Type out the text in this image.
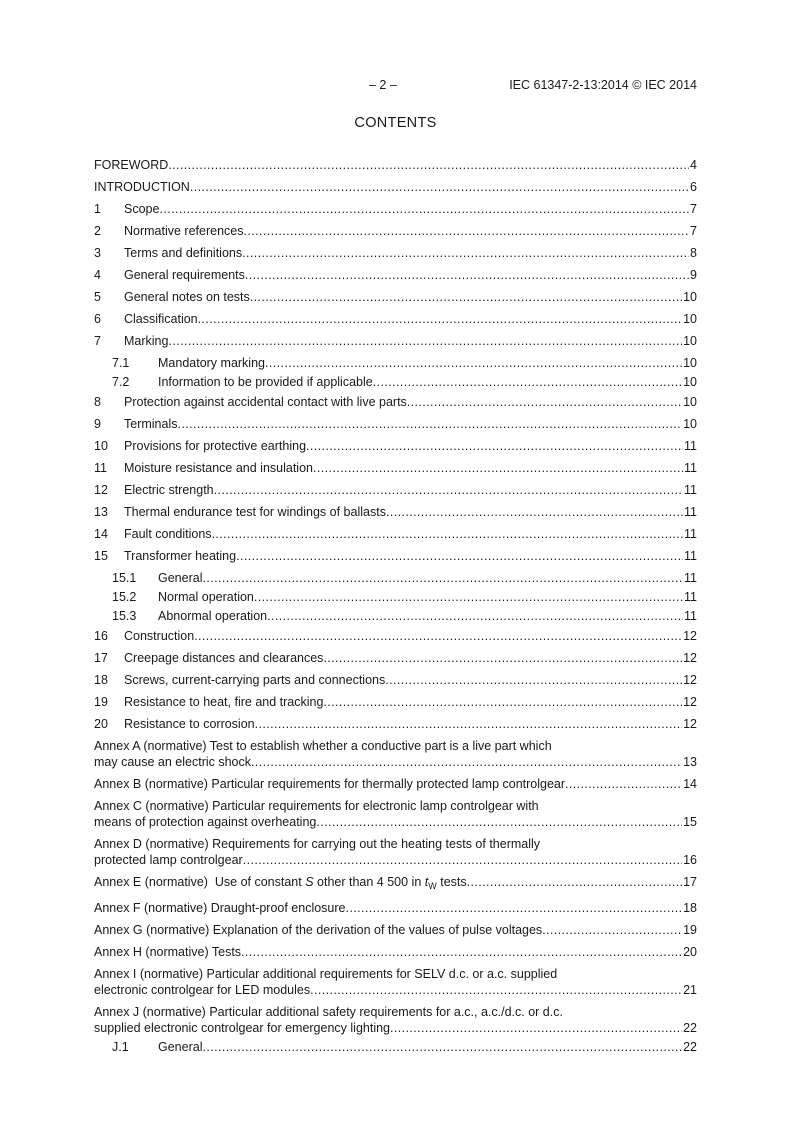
– 2 –	IEC 61347-2-13:2014 © IEC 2014
CONTENTS
FOREWORD .....	4
INTRODUCTION .....	6
1	Scope .....	7
2	Normative references .....	7
3	Terms and definitions .....	8
4	General requirements .....	9
5	General notes on tests .....	10
6	Classification .....	10
7	Marking .....	10
7.1	Mandatory marking .....	10
7.2	Information to be provided if applicable .....	10
8	Protection against accidental contact with live parts .....	10
9	Terminals .....	10
10	Provisions for protective earthing .....	11
11	Moisture resistance and insulation .....	11
12	Electric strength .....	11
13	Thermal endurance test for windings of ballasts .....	11
14	Fault conditions .....	11
15	Transformer heating .....	11
15.1	General .....	11
15.2	Normal operation .....	11
15.3	Abnormal operation .....	11
16	Construction .....	12
17	Creepage distances and clearances .....	12
18	Screws, current-carrying parts and connections .....	12
19	Resistance to heat, fire and tracking .....	12
20	Resistance to corrosion .....	12
Annex A (normative) Test to establish whether a conductive part is a live part which
may cause an electric shock .....	13
Annex B (normative) Particular requirements for thermally protected lamp controlgear .....	14
Annex C (normative) Particular requirements for electronic lamp controlgear with
means of protection against overheating .....	15
Annex D (normative) Requirements for carrying out the heating tests of thermally
protected lamp controlgear .....	16
Annex E (normative)  Use of constant S other than 4 500 in $t_W$ tests .....	17
Annex F (normative) Draught-proof enclosure .....	18
Annex G (normative) Explanation of the derivation of the values of pulse voltages .....	19
Annex H (normative) Tests .....	20
Annex I (normative) Particular additional requirements for SELV d.c. or a.c. supplied
electronic controlgear for LED modules .....	21
Annex J (normative) Particular additional safety requirements for a.c., a.c./d.c. or d.c.
supplied electronic controlgear for emergency lighting .....	22
J.1	General .....	22
